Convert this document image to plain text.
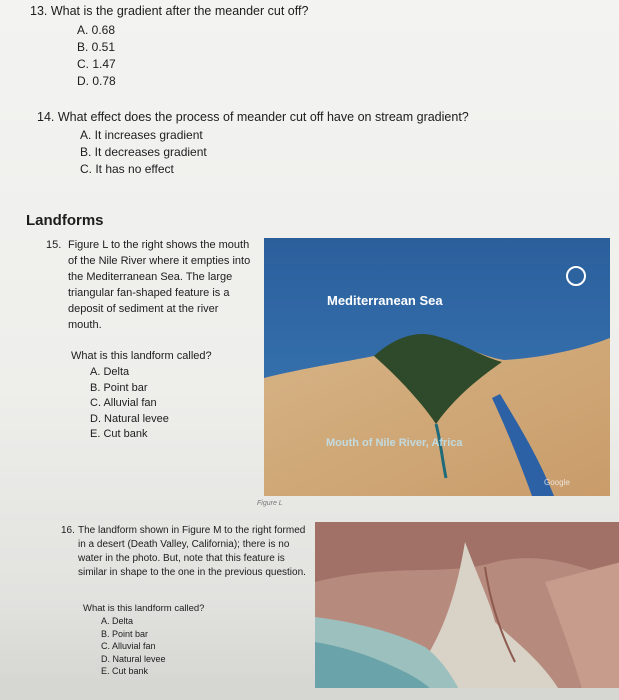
13. What is the gradient after the meander cut off?
A. 0.68
B. 0.51
C. 1.47
D. 0.78
14. What effect does the process of meander cut off have on stream gradient?
A. It increases gradient
B. It decreases gradient
C. It has no effect
Landforms
15. Figure L to the right shows the mouth of the Nile River where it empties into the Mediterranean Sea. The large triangular fan-shaped feature is a deposit of sediment at the river mouth.
What is this landform called?
A. Delta
B. Point bar
C. Alluvial fan
D. Natural levee
E. Cut bank
Mediterranean Sea
Mouth of Nile River, Africa
Google
Figure L
16. The landform shown in Figure M to the right formed in a desert (Death Valley, California); there is no water in the photo. But, note that this feature is similar in shape to the one in the previous question.
What is this landform called?
A. Delta
B. Point bar
C. Alluvial fan
D. Natural levee
E. Cut bank
